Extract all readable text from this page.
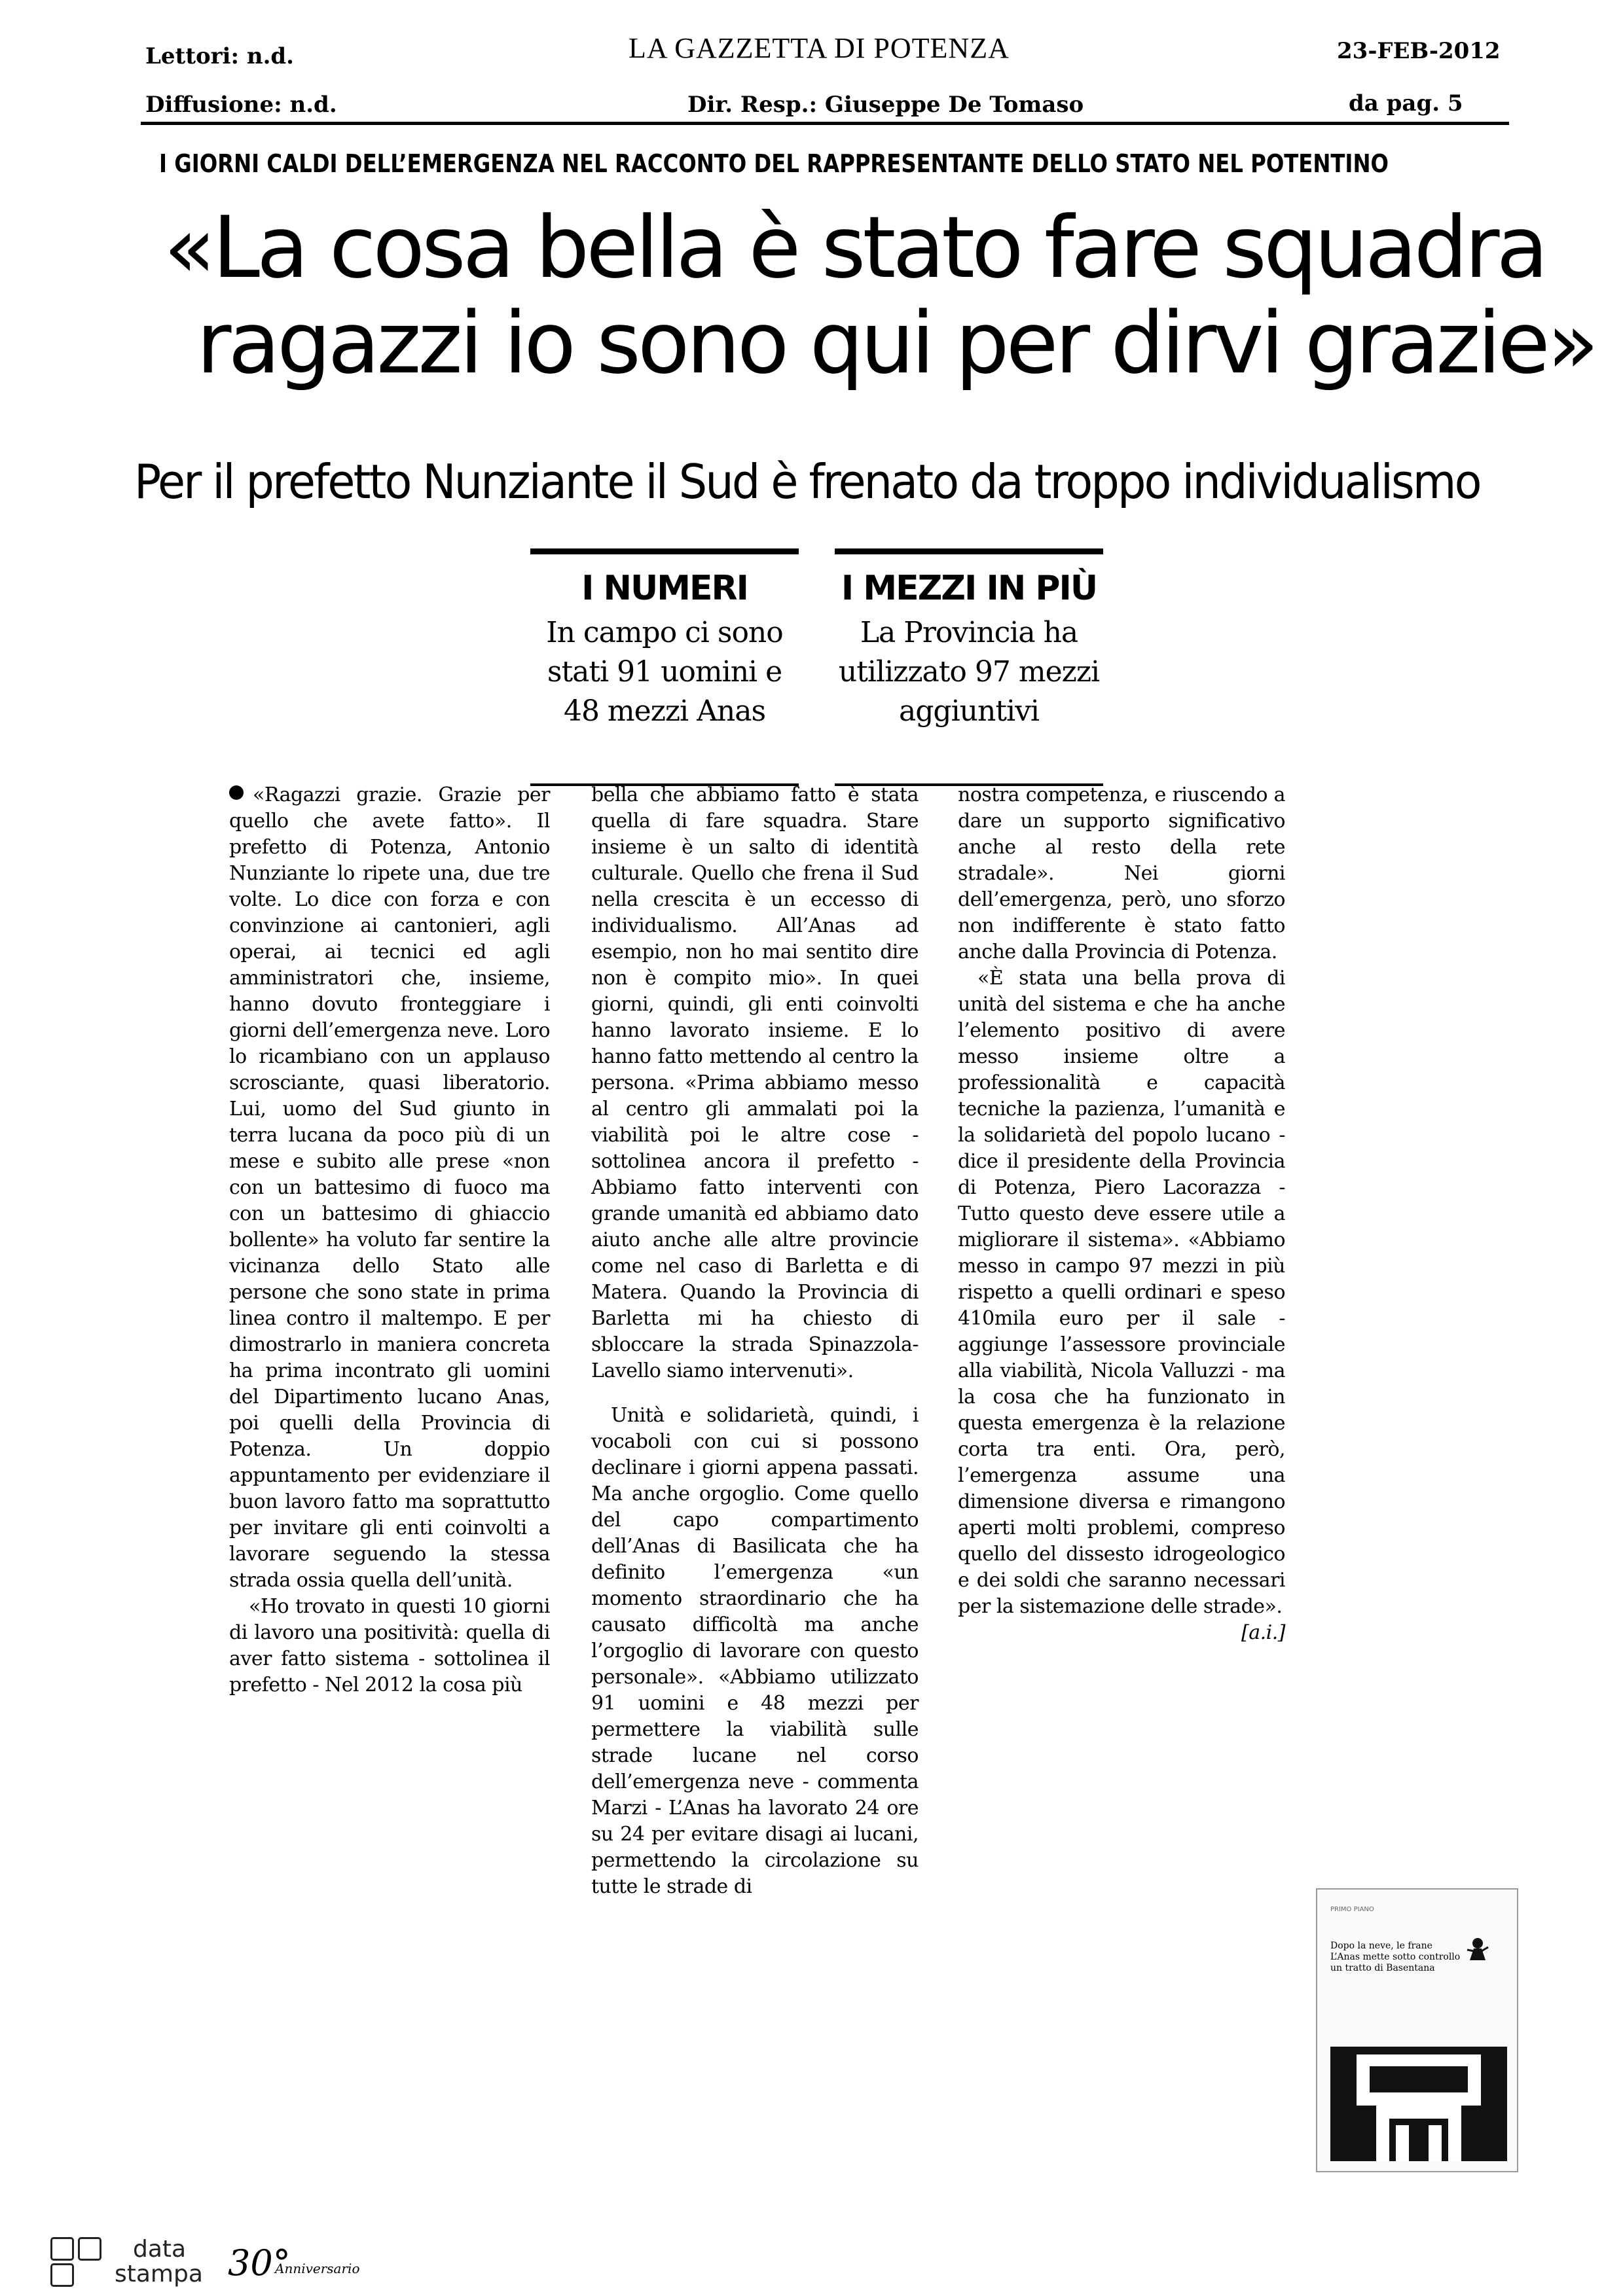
Lettori: n.d.
Diffusione: n.d.
LA GAZZETTA DI POTENZA
Dir. Resp.: Giuseppe De Tomaso
23-FEB-2012
da pag. 5
I GIORNI CALDI DELL’EMERGENZA NEL RACCONTO DEL RAPPRESENTANTE DELLO STATO NEL POTENTINO
«La cosa bella è stato fare squadra
ragazzi io sono qui per dirvi grazie»
Per il prefetto Nunziante il Sud è frenato da troppo individualismo
I NUMERI

In campo ci sono stati 91 uomini e 48 mezzi Anas

I MEZZI IN PIÙ

La Provincia ha utilizzato 97 mezzi aggiuntivi

«Ragazzi grazie. Grazie per quello che avete fatto». Il prefetto di Potenza, Antonio Nunziante lo ripete una, due tre volte. Lo dice con forza e con convinzione ai cantonieri, agli operai, ai tecnici ed agli amministratori che, insieme, hanno dovuto fronteggiare i giorni dell’emergenza neve. Loro lo ricambiano con un applauso scrosciante, quasi liberatorio. Lui, uomo del Sud giunto in terra lucana da poco più di un mese e subito alle prese «non con un battesimo di fuoco ma con un battesimo di ghiaccio bollente» ha voluto far sentire la vicinanza dello Stato alle persone che sono state in prima linea contro il maltempo. E per dimostrarlo in maniera concreta ha prima incontrato gli uomini del Dipartimento lucano Anas, poi quelli della Provincia di Potenza. Un doppio appuntamento per evidenziare il buon lavoro fatto ma soprattutto per invitare gli enti coinvolti a lavorare seguendo la stessa strada ossia quella dell’unità.

«Ho trovato in questi 10 giorni di lavoro una positività: quella di aver fatto sistema - sottolinea il prefetto - Nel 2012 la cosa più

bella che abbiamo fatto è stata quella di fare squadra. Stare insieme è un salto di identità culturale. Quello che frena il Sud nella crescita è un eccesso di individualismo. All’Anas ad esempio, non ho mai sentito dire non è compito mio». In quei giorni, quindi, gli enti coinvolti hanno lavorato insieme. E lo hanno fatto mettendo al centro la persona. «Prima abbiamo messo al centro gli ammalati poi la viabilità poi le altre cose - sottolinea ancora il prefetto - Abbiamo fatto interventi con grande umanità ed abbiamo dato aiuto anche alle altre provincie come nel caso di Barletta e di Matera. Quando la Provincia di Barletta mi ha chiesto di sbloccare la strada Spinazzola-Lavello siamo intervenuti».

Unità e solidarietà, quindi, i vocaboli con cui si possono declinare i giorni appena passati. Ma anche orgoglio. Come quello del capo compartimento dell’Anas di Basilicata che ha definito l’emergenza «un momento straordinario che ha causato difficoltà ma anche l’orgoglio di lavorare con questo personale». «Abbiamo utilizzato 91 uomini e 48 mezzi per permettere la viabilità sulle strade lucane nel corso dell’emergenza neve - commenta Marzi - L’Anas ha lavorato 24 ore su 24 per evitare disagi ai lucani, permettendo la circolazione su tutte le strade di

nostra competenza, e riuscendo a dare un supporto significativo anche al resto della rete stradale». Nei giorni dell’emergenza, però, uno sforzo non indifferente è stato fatto anche dalla Provincia di Potenza.

«È stata una bella prova di unità del sistema e che ha anche l’elemento positivo di avere messo insieme oltre a professionalità e capacità tecniche la pazienza, l’umanità e la solidarietà del popolo lucano - dice il presidente della Provincia di Potenza, Piero Lacorazza - Tutto questo deve essere utile a migliorare il sistema». «Abbiamo messo in campo 97 mezzi in più rispetto a quelli ordinari e speso 410mila euro per il sale - aggiunge l’assessore provinciale alla viabilità, Nicola Valluzzi - ma la cosa che ha funzionato in questa emergenza è la relazione corta tra enti. Ora, però, l’emergenza assume una dimensione diversa e rimangono aperti molti problemi, compreso quello del dissesto idrogeologico e dei soldi che saranno necessari per la sistemazione delle strade».

[a.i.]
PRIMO PIANO
Dopo la neve, le frane L’Anas mette sotto controllo un tratto di Basentana
data
stampa 30°
Anniversario
